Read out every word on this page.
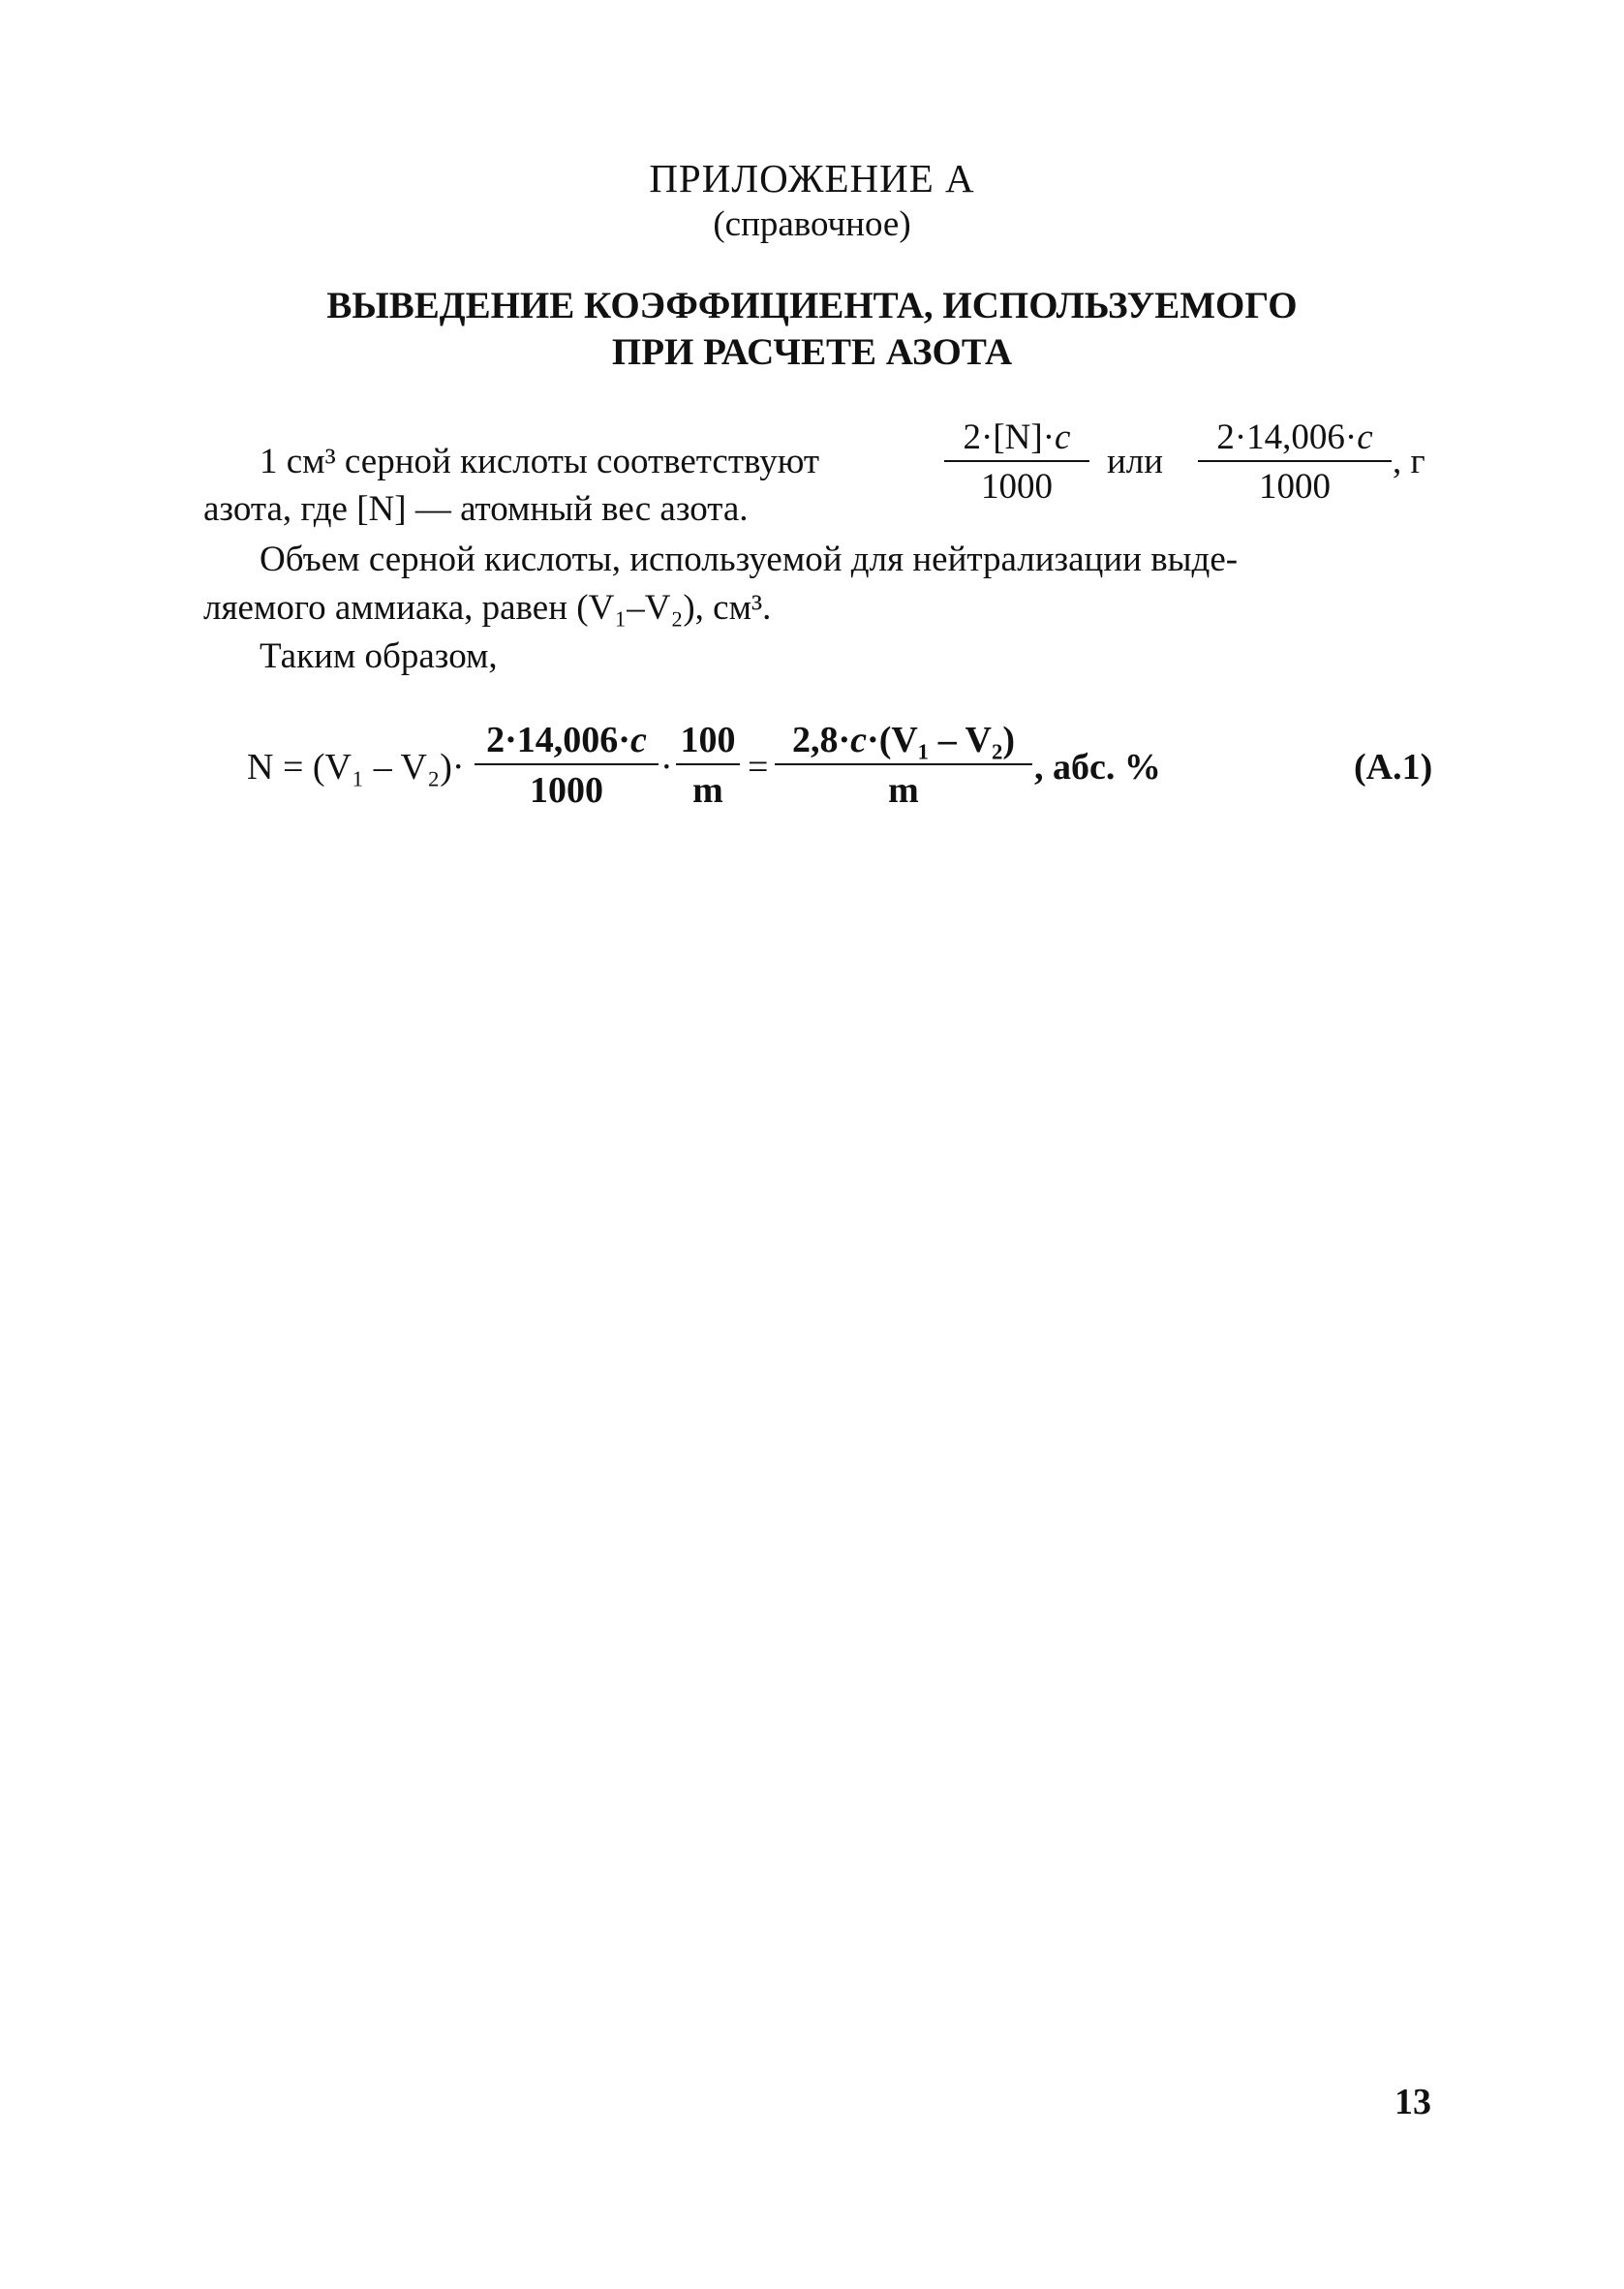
ПРИЛОЖЕНИЕ А
(справочное)
ВЫВЕДЕНИЕ КОЭФФИЦИЕНТА, ИСПОЛЬЗУЕМОГО
ПРИ РАСЧЕТЕ АЗОТА
1 см³ серной кислоты соответствуют
2·[N]·c
1000
или
2·14,006·c
1000
, г
азота, где [N] — атомный вес азота.
Объем серной кислоты, используемой для нейтрализации выде-
ляемого аммиака, равен (V₁–V₂), см³.
Таким образом,
N = (V₁ – V₂)·
2·14,006·c
1000
·
100
m
=
2,8·c·(V₁ – V₂)
m
, абс. %	(А.1)
13
